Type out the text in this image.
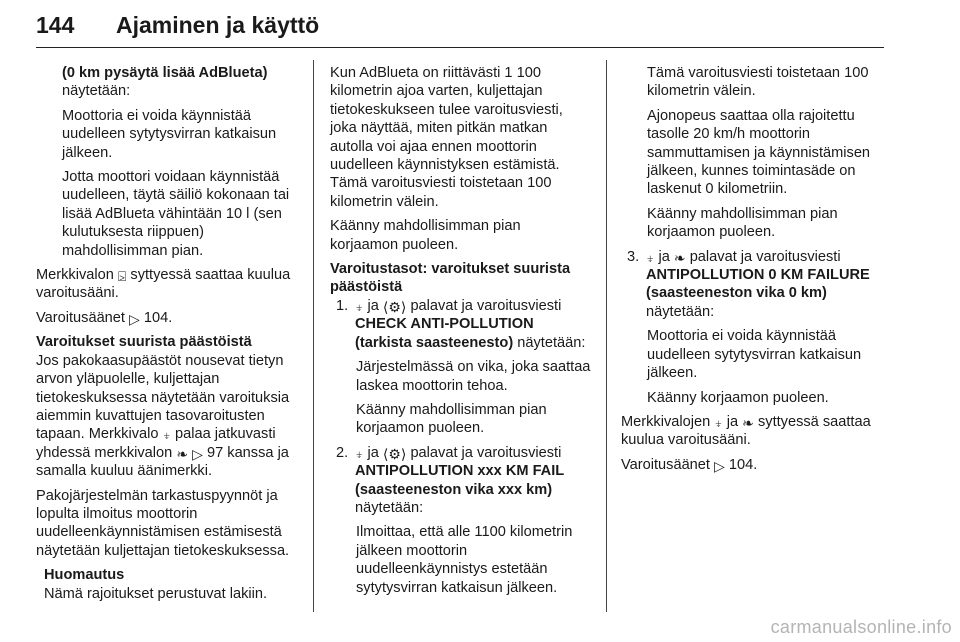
144 Ajaminen ja käyttö
(0 km pysäytä lisää AdBlueta)
näytetään:

Moottoria ei voida käynnistää uudelleen sytytysvirran katkaisun jälkeen.

Jotta moottori voidaan käynnistää uudelleen, täytä säiliö kokonaan tai lisää AdBlueta vähintään 10 l (sen kulutuksesta riippuen) mahdollisimman pian.

Merkkivalon ⍄ syttyessä saattaa kuulua varoitusääni.

Varoitusäänet ▷ 104.

Varoitukset suurista päästöistä

Jos pakokaasupäästöt nousevat tietyn arvon yläpuolelle, kuljettajan tietokeskuksessa näytetään varoituksia aiemmin kuvattujen tasovaroitusten tapaan. Merkkivalo ⍖ palaa jatkuvasti yhdessä merkkivalon ❧ ▷ 97 kanssa ja samalla kuuluu äänimerkki.

Pakojärjestelmän tarkastuspyynnöt ja lopulta ilmoitus moottorin uudelleenkäynnistämisen estämisestä näytetään kuljettajan tietokeskuksessa.

Huomautus

Nämä rajoitukset perustuvat lakiin.

Kun AdBlueta on riittävästi 1 100 kilometrin ajoa varten, kuljettajan tietokeskukseen tulee varoitusviesti, joka näyttää, miten pitkän matkan autolla voi ajaa ennen moottorin uudelleen käynnistyksen estämistä. Tämä varoitusviesti toistetaan 100 kilometrin välein.

Käänny mahdollisimman pian korjaamon puoleen.

Varoitustasot: varoitukset suurista päästöistä

1. ⍖ ja ⟨⚙⟩ palavat ja varoitusviesti CHECK ANTI-POLLUTION (tarkista saasteenesto) näytetään:

Järjestelmässä on vika, joka saattaa laskea moottorin tehoa.

Käänny mahdollisimman pian korjaamon puoleen.

2. ⍖ ja ⟨⚙⟩ palavat ja varoitusviesti ANTIPOLLUTION xxx KM FAIL (saasteeneston vika xxx km) näytetään:

Ilmoittaa, että alle 1100 kilometrin jälkeen moottorin uudelleenkäynnistys estetään sytytysvirran katkaisun jälkeen.

Tämä varoitusviesti toistetaan 100 kilometrin välein.

Ajonopeus saattaa olla rajoitettu tasolle 20 km/h moottorin sammuttamisen ja käynnistämisen jälkeen, kunnes toimintasäde on laskenut 0 kilometriin.

Käänny mahdollisimman pian korjaamon puoleen.

3. ⍖ ja ❧ palavat ja varoitusviesti ANTIPOLLUTION 0 KM FAILURE (saasteeneston vika 0 km) näytetään:

Moottoria ei voida käynnistää uudelleen sytytysvirran katkaisun jälkeen.

Käänny korjaamon puoleen.

Merkkivalojen ⍖ ja ❧ syttyessä saattaa kuulua varoitusääni.

Varoitusäänet ▷ 104.

carmanualsonline.info
